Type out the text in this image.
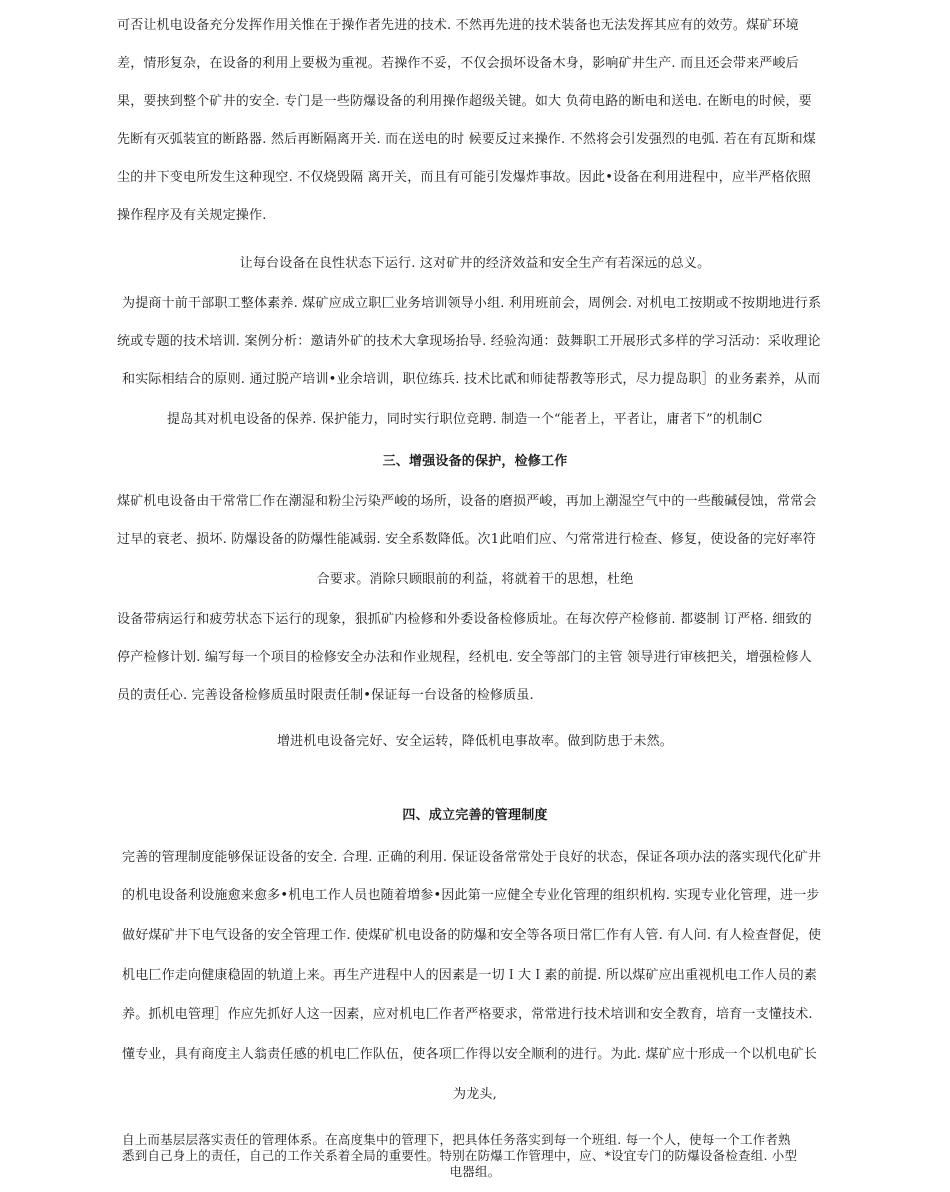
可否让机电设备充分发挥作用关惟在于操作者先进的技术. 不然再先进的技术装备也无法发挥其应有的效劳。煤矿环境
差，情形复杂，在设备的利用上要极为重视。若操作不妥，不仅会损坏设备木身，影响矿井生产. 而且还会带来严峻后
果，要挟到整个矿井的安全. 专门是一些防爆设备的利用操作超级关键。如大 负荷电路的断电和送电. 在断电的时候，要
先断有灭弧装宜的断路器. 然后再断隔离开关. 而在送电的时 候要反过来操作. 不然将会引发强烈的电弧. 若在有瓦斯和煤
尘的井下变电所发生这种现空. 不仅烧毁隔 离开关，而且有可能引发爆炸事故。因此•设备在利用进程中，应半严格依照
操作程序及有关规定操作.
让每台设备在良性状态下运行. 这对矿井的经济效益和安全生产有若深远的总义。
为提商十前干部职工整体素养. 煤矿应成立职匚业务培训领导小组. 利用班前会，周例会. 对机电工按期或不按期地进行系
统或专题的技术培训. 案例分析：邀请外矿的技术大拿现场抬导. 经验沟通：鼓舞职工开展形式多样的学习活动：采收理论
和实际相结合的原则. 通过脱产培训•业余培训，职位练兵. 技术比貳和师徒帮教等形式，尽力提岛职］的业务素养，从而
提岛其对机电设备的保养. 保护能力，同时实行职位竞聘. 制造一个“能者上，平者让，庸者下”的机制C
三、增强设备的保护，检修工作
煤矿机电设备由干常常匚作在潮湿和粉尘污染严峻的场所，设备的磨损严峻，再加上潮湿空气中的一些酸碱侵蚀，常常会
过早的衰老、损坏. 防爆设备的防爆性能减弱. 安全系数降低。次1此咱们应、勺常常进行检查、修复，使设备的完好率符
合要求。消除只顾眼前的利益，将就着干的思想，杜绝
设备带病运行和疲劳状态下运行的现象，狠抓矿内检修和外委设备检修质址。在每次停产检修前. 都婆制 订严格. 细致的
停产检修计划. 编写每一个项目的检修安全办法和作业规程，经机电. 安全等部门的主管 领导进行审核把关，增强检修人
员的责任心. 完善设备检修质虽时限责任制•保证每一台设备的检修质虽.
增进机电设备完好、安全运转，降低机电事故率。做到防患于未然。
四、成立完善的管理制度
完善的管理制度能够保证设备的安全. 合理. 正确的利用. 保证设备常常处于良好的状态，保证各项办法的落实现代化矿井
的机电设备利设施愈来愈多•机电工作人员也随着増参•因此第一应健全专业化管理的组织机构. 实现专业化管理，进一步
做好煤矿井下电气设备的安全管理工作. 使煤矿机电设备的防爆和安全等各项日常匚作有人管. 有人问. 有人检查督促，使
机电匚作走向健康稳固的轨道上来。再生产进程中人的因素是一切Ｉ大Ｉ素的前提. 所以煤矿应出重视机电工作人员的素
养。抓机电管理］作应先抓好人这一因素，应对机电匚作者严格要求，常常进行技术培训和安全教育，培育一支懂技术.
懂专业，具有商度主人翁责任感的机电匚作队伍，使各项匚作得以安全顺利的进行。为此. 煤矿应十形成一个以机电矿长
为龙头,
自上而基层层落实责任的管理体系。在高度集中的管理下，把具体任务落实到每一个班组. 每一个人，使每一个工作者熟
悉到自己身上的责任，自己的工作关系着全局的重要性。特别在防爆工作管理中，应、*设宜专门的防爆设备检查组. 小型
电器组。
